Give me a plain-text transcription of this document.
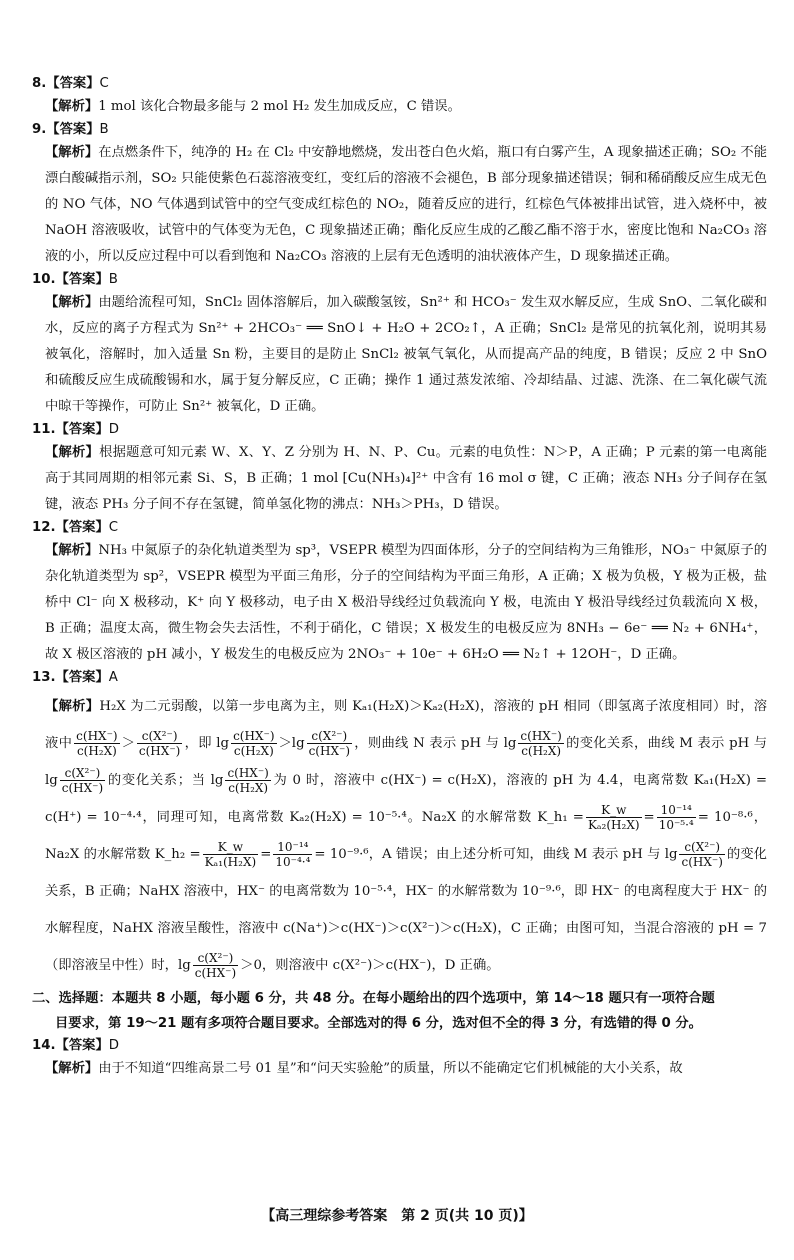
8.【答案】C
【解析】1 mol 该化合物最多能与 2 mol H₂ 发生加成反应，C 错误。
9.【答案】B
【解析】在点燃条件下，纯净的 H₂ 在 Cl₂ 中安静地燃烧，发出苍白色火焰，瓶口有白雾产生，A 现象描述正确；SO₂ 不能漂白酸碱指示剂，SO₂ 只能使紫色石蕊溶液变红，变红后的溶液不会褪色，B 部分现象描述错误；铜和稀硝酸反应生成无色的 NO 气体，NO 气体遇到试管中的空气变成红棕色的 NO₂，随着反应的进行，红棕色气体被排出试管，进入烧杯中，被 NaOH 溶液吸收，试管中的气体变为无色，C 现象描述正确；酯化反应生成的乙酸乙酯不溶于水，密度比饱和 Na₂CO₃ 溶液的小，所以反应过程中可以看到饱和 Na₂CO₃ 溶液的上层有无色透明的油状液体产生，D 现象描述正确。
10.【答案】B
【解析】由题给流程可知，SnCl₂ 固体溶解后，加入碳酸氢铵，Sn²⁺ 和 HCO₃⁻ 发生双水解反应，生成 SnO、二氧化碳和水，反应的离子方程式为 Sn²⁺ + 2HCO₃⁻ ══ SnO↓ + H₂O + 2CO₂↑，A 正确；SnCl₂ 是常见的抗氧化剂，说明其易被氧化，溶解时，加入适量 Sn 粉，主要目的是防止 SnCl₂ 被氧气氧化，从而提高产品的纯度，B 错误；反应 2 中 SnO 和硫酸反应生成硫酸锡和水，属于复分解反应，C 正确；操作 1 通过蒸发浓缩、冷却结晶、过滤、洗涤、在二氧化碳气流中晾干等操作，可防止 Sn²⁺ 被氧化，D 正确。
11.【答案】D
【解析】根据题意可知元素 W、X、Y、Z 分别为 H、N、P、Cu。元素的电负性：N＞P，A 正确；P 元素的第一电离能高于其同周期的相邻元素 Si、S，B 正确；1 mol [Cu(NH₃)₄]²⁺ 中含有 16 mol σ 键，C 正确；液态 NH₃ 分子间存在氢键，液态 PH₃ 分子间不存在氢键，简单氢化物的沸点：NH₃＞PH₃，D 错误。
12.【答案】C
【解析】NH₃ 中氮原子的杂化轨道类型为 sp³，VSEPR 模型为四面体形，分子的空间结构为三角锥形，NO₃⁻ 中氮原子的杂化轨道类型为 sp²，VSEPR 模型为平面三角形，分子的空间结构为平面三角形，A 正确；X 极为负极，Y 极为正极，盐桥中 Cl⁻ 向 X 极移动，K⁺ 向 Y 极移动，电子由 X 极沿导线经过负载流向 Y 极，电流由 Y 极沿导线经过负载流向 X 极，B 正确；温度太高，微生物会失去活性，不利于硝化，C 错误；X 极发生的电极反应为 8NH₃ − 6e⁻ ══ N₂ + 6NH₄⁺，故 X 极区溶液的 pH 减小，Y 极发生的电极反应为 2NO₃⁻ + 10e⁻ + 6H₂O ══ N₂↑ + 12OH⁻，D 正确。
13.【答案】A
【解析】H₂X 为二元弱酸，以第一步电离为主，则 Kₐ₁(H₂X)＞Kₐ₂(H₂X)，溶液的 pH 相同（即氢离子浓度相同）时，溶液中 $\frac{c(HX^-)}{\text{c(H₂X)}} > \frac{\text{c(X²⁻)}}{c(HX^-)}$ ，即 $\lg \frac{c(HX^-)}{\text{c(H₂X)}} >\lg \frac{\text{c(X²⁻)}}{c(HX^-)}$ ，则曲线 N 表示 pH 与 $\lg \frac{c(HX^-)}{\text{c(H₂X)}}$ 的变化关系，曲线 M 表示 pH 与 $\lg \frac{\text{c(X²⁻)}}{c(HX^-)}$ 的变化关系；当 $\lg \frac{c(HX^-)}{\text{c(H₂X)}}$ 为 0 时，溶液中 c(HX⁻) = c(H₂X)，溶液的 pH 为 4.4，电离常数 Kₐ₁(H₂X) = c(H⁺) = 10⁻⁴·⁴，同理可知，电离常数 Kₐ₂(H₂X) = 10⁻⁵·⁴。Na₂X 的水解常数 K_h₁ = $\frac{K\_w}{\text{Kₐ₂(H₂X)}} = \frac{\text{10⁻¹⁴}}{\text{10⁻⁵·⁴}} = 10^{-8}\cdot^6$，Na₂X 的水解常数 K_h₂ = $\frac{K\_w}{\text{Kₐ₁(H₂X)}} = \frac{\text{10⁻¹⁴}}{\text{10⁻⁴·⁴}} = 10^{-9}\cdot^6$，A 错误；由上述分析可知，曲线 M 表示 pH 与 $\lg \frac{\text{c(X²⁻)}}{c(HX^-)}$ 的变化关系，B 正确；NaHX 溶液中，HX⁻ 的电离常数为 10⁻⁵·⁴，HX⁻ 的水解常数为 10⁻⁹·⁶，即 HX⁻ 的电离程度大于 HX⁻ 的水解程度，NaHX 溶液呈酸性，溶液中 c(Na⁺)＞c(HX⁻)＞c(X²⁻)＞c(H₂X)，C 正确；由图可知，当混合溶液的 pH = 7（即溶液呈中性）时，$\lg \frac{\text{c(X²⁻)}}{c(HX^-)} >0$，则溶液中 c(X²⁻)＞c(HX⁻)，D 正确。
二、选择题：本题共 8 小题，每小题 6 分，共 48 分。在每小题给出的四个选项中，第 14～18 题只有一项符合题
目要求，第 19～21 题有多项符合题目要求。全部选对的得 6 分，选对但不全的得 3 分，有选错的得 0 分。
14.【答案】D
【解析】由于不知道“四维高景二号 01 星”和“问天实验舱”的质量，所以不能确定它们机械能的大小关系，故
【高三理综参考答案　第 2 页(共 10 页)】
